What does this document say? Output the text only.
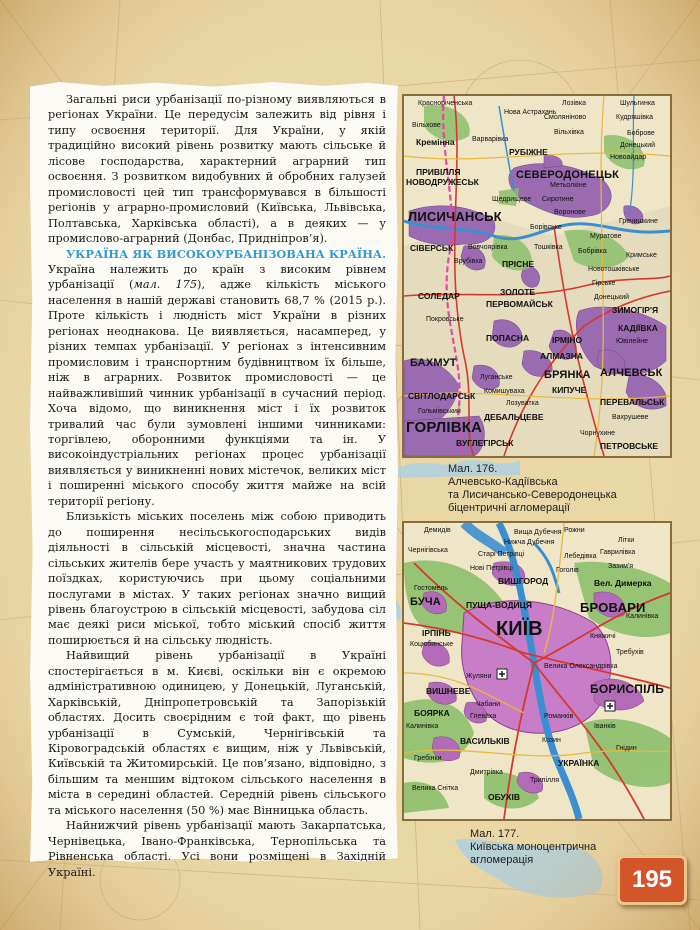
Загальні риси урбанізації по-різному виявляються в регіонах України. Це передусім залежить від рівня і типу освоєння території. Для України, у якій традиційно високий рівень розвитку мають сільське й лісове господарства, характерний аграрний тип освоєння. З розвитком видобувних й обробних галузей промисловості цей тип трансформувався в більшості регіонів у аграрно-промисловий (Київська, Львівська, Полтавська, Харківська області), а в деяких — у промислово-аграрний (Донбас, Придніпров’я).

УКРАЇНА ЯК ВИСОКОУРБАНІЗОВАНА КРАЇНА. Україна належить до країн з високим рівнем урбанізації (мал. 175), адже кількість міського населення в нашій державі становить 68,7 % (2015 р.). Проте кількість і людність міст України в різних регіонах неоднакова. Це виявляється, насамперед, у різних темпах урбанізації. У регіонах з інтенсивним промисловим і транспортним будівництвом їх більше, ніж в аграрних. Розвиток промисловості — це найважливіший чинник урбанізації в сучасний період. Хоча відомо, що виникнення міст і їх розвиток тривалий час були зумовлені іншими чинниками: торгівлею, оборонними функціями та ін. У високоіндустріальних регіонах процес урбанізації виявляється у виникненні нових містечок, великих міст і поширенні міського способу життя майже на всій території регіону.

Близькість міських поселень між собою приводить до поширення несільськогосподарських видів діяльності в сільській місцевості, значна частина сільських жителів бере участь у маятникових трудових поїздках, користуючись при цьому соціальними послугами в містах. У таких регіонах значно вищий рівень благоустрою в сільській місцевості, забудова сіл має деякі риси міської, тобто міський спосіб життя поширюється й на сільську людність.

Найвищий рівень урбанізації в Україні спостерігається в м. Києві, оскільки він є окремою адміністративною одиницею, у Донецькій, Луганській, Харківській, Дніпропетровській та Запорізькій областях. Досить своєрідним є той факт, що рівень урбанізації в Сумській, Чернігівській та Кіровоградській областях є вищим, ніж у Львівській, Київській та Житомирській. Це пов’язано, відповідно, з більшим та меншим відтоком сільського населення в міста в середині областей. Середній рівень сільського та міського населення (50 %) має Вінницька область.

Найнижчий рівень урбанізації мають Закарпатська, Чернівецька, Івано-Франківська, Тернопільська та Рівненська області. Усі вони розміщені в Західній Україні.

Красноріченська
Нова Астрахань
Лозівка	Шульгинка
Кудряшівка
Вільхове
Смоляніново
Кремінна Варварівка
Вільхівка	Боброве
РУБІЖНЕ
Донецький
Новоайдар
ПРИВІЛЛЯ
НОВОДРУЖЕСЬК
СЕВЕРОДОНЕЦЬК
Метьолкіне
Щедрищеве Сиротине
ЛИСИЧАНСЬК	Воронове
Гречишкине
Борівське
Муратове
СІВЕРСЬК Вовчоярівка	Тошківка
Бобрівка
Кримське
Врубівка ПРІСНЕ
Новотошківське
СОЛЕДАР
Гірське
ЗОЛОТЕ
ПЕРВОМАЙСЬК
Донецький
ЗИМОГІР'Я
Покровське
КАДІЇВКА
Ювілейне
ПОПАСНА	ІРМІНО
БАХМУТ
АЛМАЗНА
АЛЧЕВСЬК
Луганське
СВІТЛОДАРСЬК
БРЯНКА
КИПУЧЕ
ПЕРЕВАЛЬСЬК
Комишуваха
Лозуватка
ДЕБАЛЬЦЕВЕ
Гольмівський
Вахрушеве
ГОРЛІВКА	Чорнухине
ВУГЛЕГІРСЬК	ПЕТРОВСЬКЕ
Мал. 176.
Алчевсько-Кадіївська
та Лисичансько-Северодонецька
біцентричні агломерації
Демидів	Вища Дубечня Рожни
Літки
Нижча Дубечня
Гаврилівка
Чернігівська
Старі Петрівці	Лебедівка
Зазим'я
Гоголів
Нові Петрівці
ВИШГОРОД	Вел. Димерка
БУЧА
Гостомель
ПУЩА-ВОДИЦЯ	БРОВАРИ
Калинівка
ІРПІНЬ КИЇВ
Коцюбинське
Княжичі
Требухів
Велика Олександрівка
Жуляни
ВИШНЕВЕ	БОРИСПІЛЬ
БОЯРКА
Чабани
Глеваха	Романків
Калинівка	Іванків
ВАСИЛЬКІВ	Козин
Гребінки
Гнідин
УКРАЇНКА
Дмитрівка
Трипілля
ОБУХІВ
Велика Снітка
Мал. 177.
Київська моноцентрична
агломерація
195
